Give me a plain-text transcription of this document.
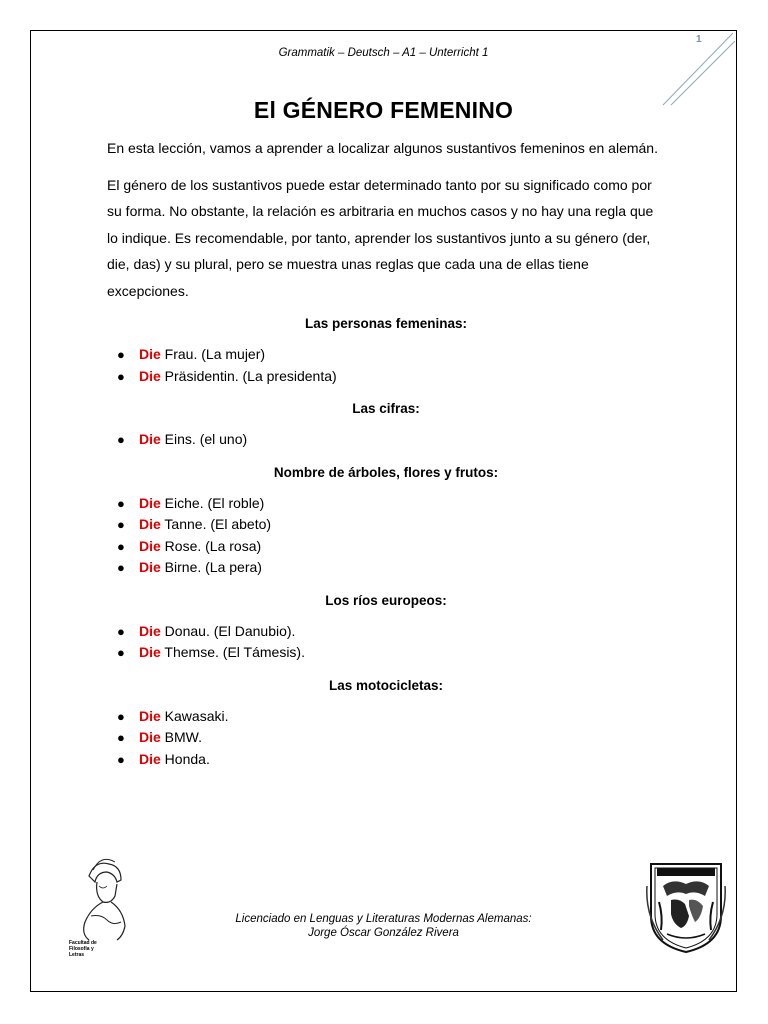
Grammatik – Deutsch – A1 – Unterricht 1
1
El GÉNERO FEMENINO

En esta lección, vamos a aprender a localizar algunos sustantivos femeninos en alemán.

El género de los sustantivos puede estar determinado tanto por su significado como por su forma. No obstante, la relación es arbitraria en muchos casos y no hay una regla que lo indique. Es recomendable, por tanto, aprender los sustantivos junto a su género (der, die, das) y su plural, pero se muestra unas reglas que cada una de ellas tiene excepciones.

Las personas femeninas:
● Die Frau. (La mujer)
● Die Präsidentin. (La presidenta)
Las cifras:
● Die Eins. (el uno)
Nombre de árboles, flores y frutos:
● Die Eiche. (El roble)
● Die Tanne. (El abeto)
● Die Rose. (La rosa)
● Die Birne. (La pera)
Los ríos europeos:
● Die Donau. (El Danubio).
● Die Themse. (El Támesis).
Las motocicletas:
● Die Kawasaki.
● Die BMW.
● Die Honda.
Facultad de
Filosofía y
Letras
Licenciado en Lenguas y Literaturas Modernas Alemanas:
Jorge Óscar González Rivera
